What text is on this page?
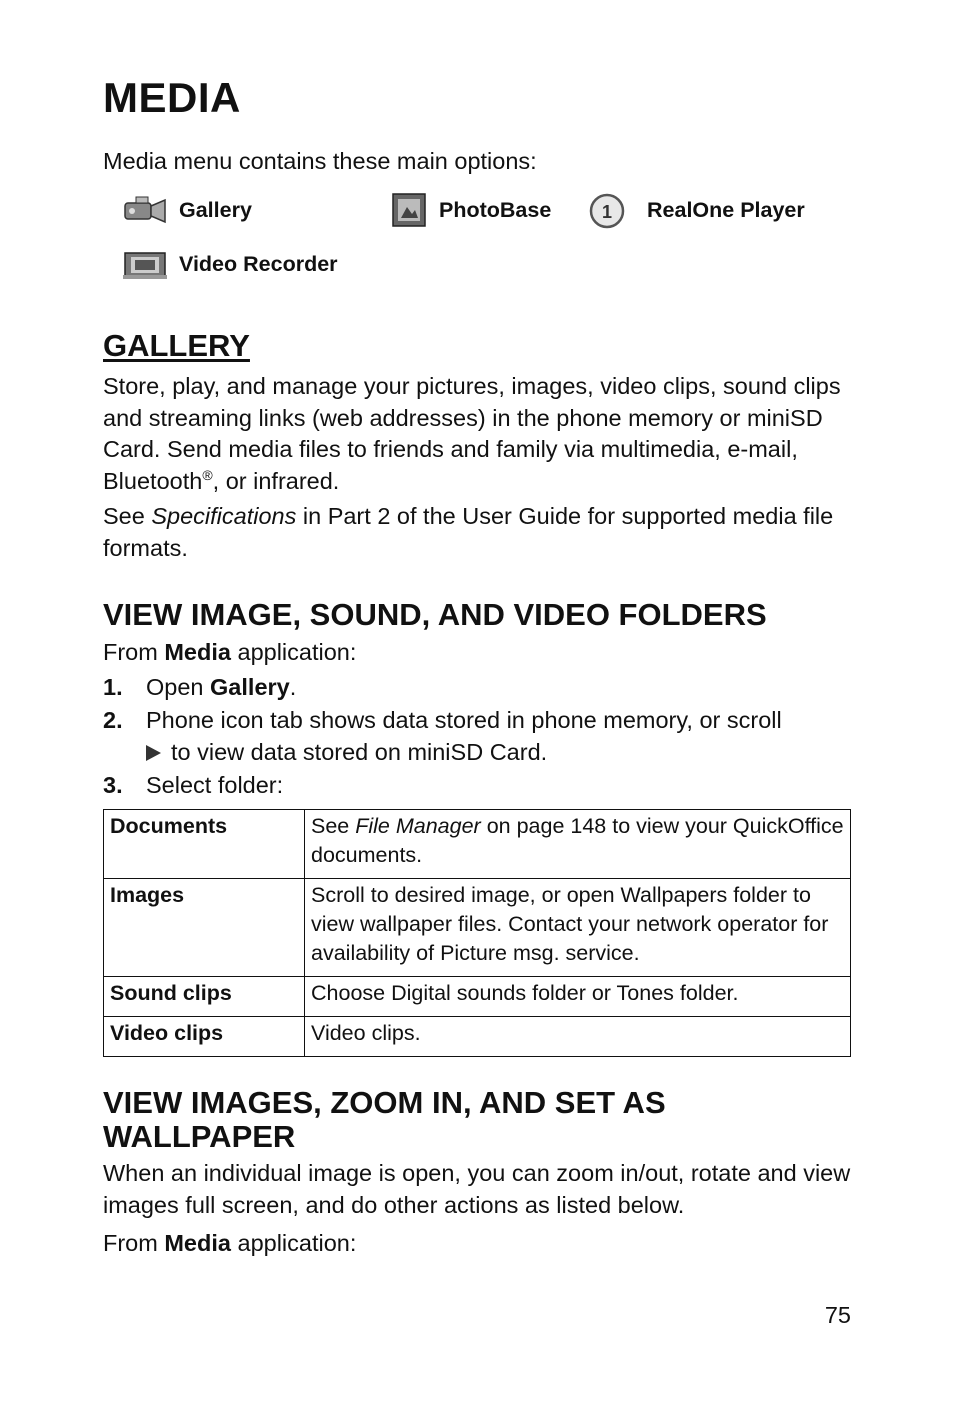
MEDIA

Media menu contains these main options:

Gallery	PhotoBase	1 RealOne Player
Video Recorder
GALLERY

Store, play, and manage your pictures, images, video clips, sound clips and streaming links (web addresses) in the phone memory or miniSD Card. Send media files to friends and family via multimedia, e-mail, Bluetooth®, or infrared.

See Specifications in Part 2 of the User Guide for supported media file formats.

VIEW IMAGE, SOUND, AND VIDEO FOLDERS

From Media application:

1. Open Gallery.
2. Phone icon tab shows data stored in phone memory, or scroll
to view data stored on miniSD Card.
3. Select folder:
Documents	See File Manager on page 148 to view your QuickOffice documents.
Images	Scroll to desired image, or open Wallpapers folder to view wallpaper files. Contact your network operator for availability of Picture msg. service.
Sound clips	Choose Digital sounds folder or Tones folder.
Video clips	Video clips.
VIEW IMAGES, ZOOM IN, AND SET AS
WALLPAPER

When an individual image is open, you can zoom in/out, rotate and view images full screen, and do other actions as listed below.

From Media application:

75
